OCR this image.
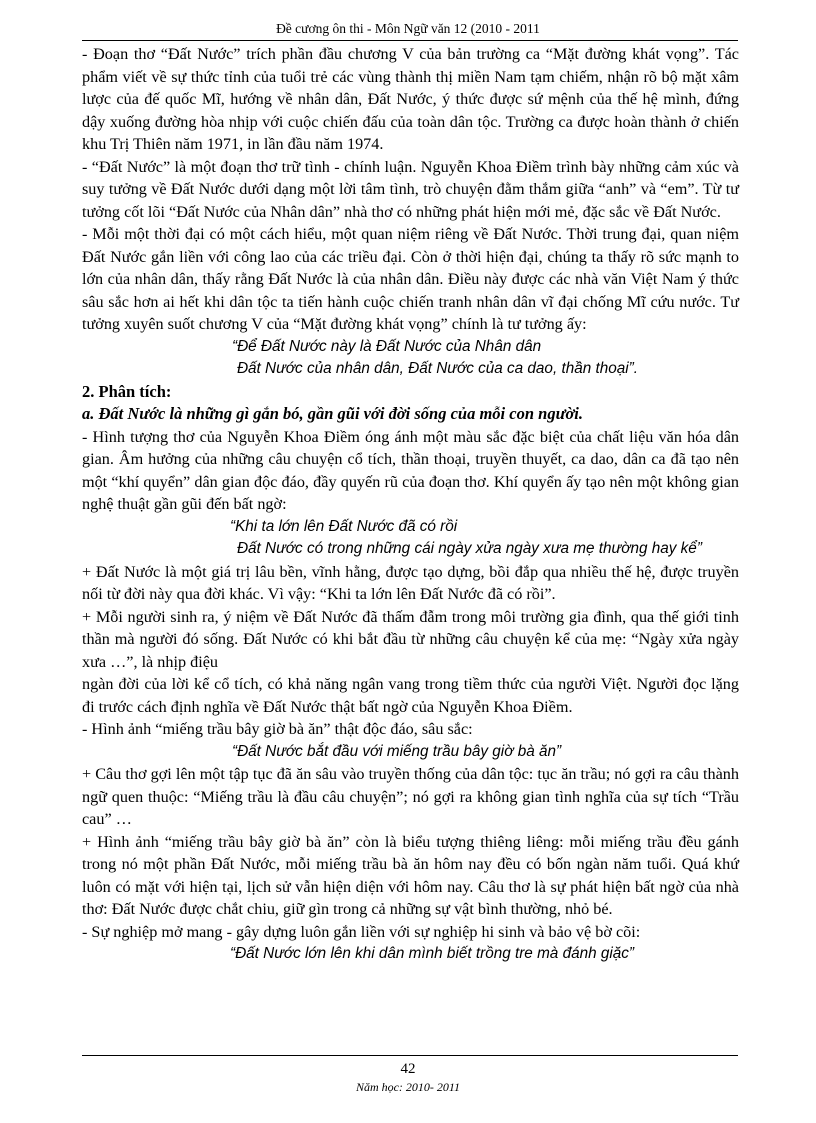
Đề cương ôn thi - Môn Ngữ văn 12 (2010 - 2011

- Đoạn thơ “Đất Nước” trích phần đầu chương V của bản trường ca “Mặt đường khát vọng”. Tác phẩm viết về sự thức tỉnh của tuổi trẻ các vùng thành thị miền Nam tạm chiếm, nhận rõ bộ mặt xâm lược của đế quốc Mĩ, hướng về nhân dân, Đất Nước, ý thức được sứ mệnh của thế hệ mình, đứng dậy xuống đường hòa nhịp với cuộc chiến đấu của toàn dân tộc. Trường ca được hoàn thành ở chiến khu Trị Thiên năm 1971, in lần đầu năm 1974.

- “Đất Nước” là một đoạn thơ trữ tình - chính luận. Nguyễn Khoa Điềm trình bày những cảm xúc và suy tưởng về Đất Nước dưới dạng một lời tâm tình, trò chuyện đằm thắm giữa “anh” và “em”. Từ tư tưởng cốt lõi “Đất Nước của Nhân dân” nhà thơ có những phát hiện mới mẻ, đặc sắc về Đất Nước.

- Mỗi một thời đại có một cách hiểu, một quan niệm riêng về Đất Nước. Thời trung đại, quan niệm Đất Nước gắn liền với công lao của các triều đại. Còn ở thời hiện đại, chúng ta thấy rõ sức mạnh to lớn của nhân dân, thấy rằng Đất Nước là của nhân dân. Điều này được các nhà văn Việt Nam ý thức sâu sắc hơn ai hết khi dân tộc ta tiến hành cuộc chiến tranh nhân dân vĩ đại chống Mĩ cứu nước. Tư tưởng xuyên suốt chương V của “Mặt đường khát vọng” chính là tư tưởng ấy:

“Để Đất Nước này là Đất Nước của Nhân dân

Đất Nước của nhân dân, Đất Nước của ca dao, thần thoại”.

2. Phân tích:

a. Đất Nước là những gì gắn bó, gần gũi với đời sống của mỗi con người.

- Hình tượng thơ của Nguyễn Khoa Điềm óng ánh một màu sắc đặc biệt của chất liệu văn hóa dân gian. Âm hưởng của những câu chuyện cổ tích, thần thoại, truyền thuyết, ca dao, dân ca đã tạo nên một “khí quyển” dân gian độc đáo, đầy quyến rũ của đoạn thơ. Khí quyển ấy tạo nên một không gian nghệ thuật gần gũi đến bất ngờ:

“Khi ta lớn lên Đất Nước đã có rồi

Đất Nước có trong những cái ngày xửa ngày xưa mẹ thường hay kể”

+ Đất Nước là một giá trị lâu bền, vĩnh hằng, được tạo dựng, bồi đắp qua nhiều thế hệ, được truyền nối từ đời này qua đời khác. Vì vậy: “Khi ta lớn lên Đất Nước đã có rồi”.

+ Mỗi người sinh ra, ý niệm về Đất Nước đã thấm đẫm trong môi trường gia đình, qua thế giới tinh thần mà người đó sống. Đất Nước có khi bắt đầu từ những câu chuyện kể của mẹ: “Ngày xửa ngày xưa …”, là nhịp điệu

ngàn đời của lời kể cổ tích, có khả năng ngân vang trong tiềm thức của người Việt. Người đọc lặng đi trước cách định nghĩa về Đất Nước thật bất ngờ của Nguyễn Khoa Điềm.

- Hình ảnh “miếng trầu bây giờ bà ăn” thật độc đáo, sâu sắc:

“Đất Nước bắt đầu với miếng trầu bây giờ bà ăn”

+ Câu thơ gợi lên một tập tục đã ăn sâu vào truyền thống của dân tộc: tục ăn trầu; nó gợi ra câu thành ngữ quen thuộc: “Miếng trầu là đầu câu chuyện”; nó gợi ra không gian tình nghĩa của sự tích “Trầu cau” …

+ Hình ảnh “miếng trầu bây giờ bà ăn” còn là biểu tượng thiêng liêng: mỗi miếng trầu đều gánh trong nó một phần Đất Nước, mỗi miếng trầu bà ăn hôm nay đều có bốn ngàn năm tuổi. Quá khứ luôn có mặt với hiện tại, lịch sử vẫn hiện diện với hôm nay. Câu thơ là sự phát hiện bất ngờ của nhà thơ: Đất Nước được chắt chiu, giữ gìn trong cả những sự vật bình thường, nhỏ bé.

- Sự nghiệp mở mang - gây dựng luôn gắn liền với sự nghiệp hi sinh và bảo vệ bờ cõi:

“Đất Nước lớn lên khi dân mình biết trồng tre mà đánh giặc”

42
Năm học: 2010- 2011
